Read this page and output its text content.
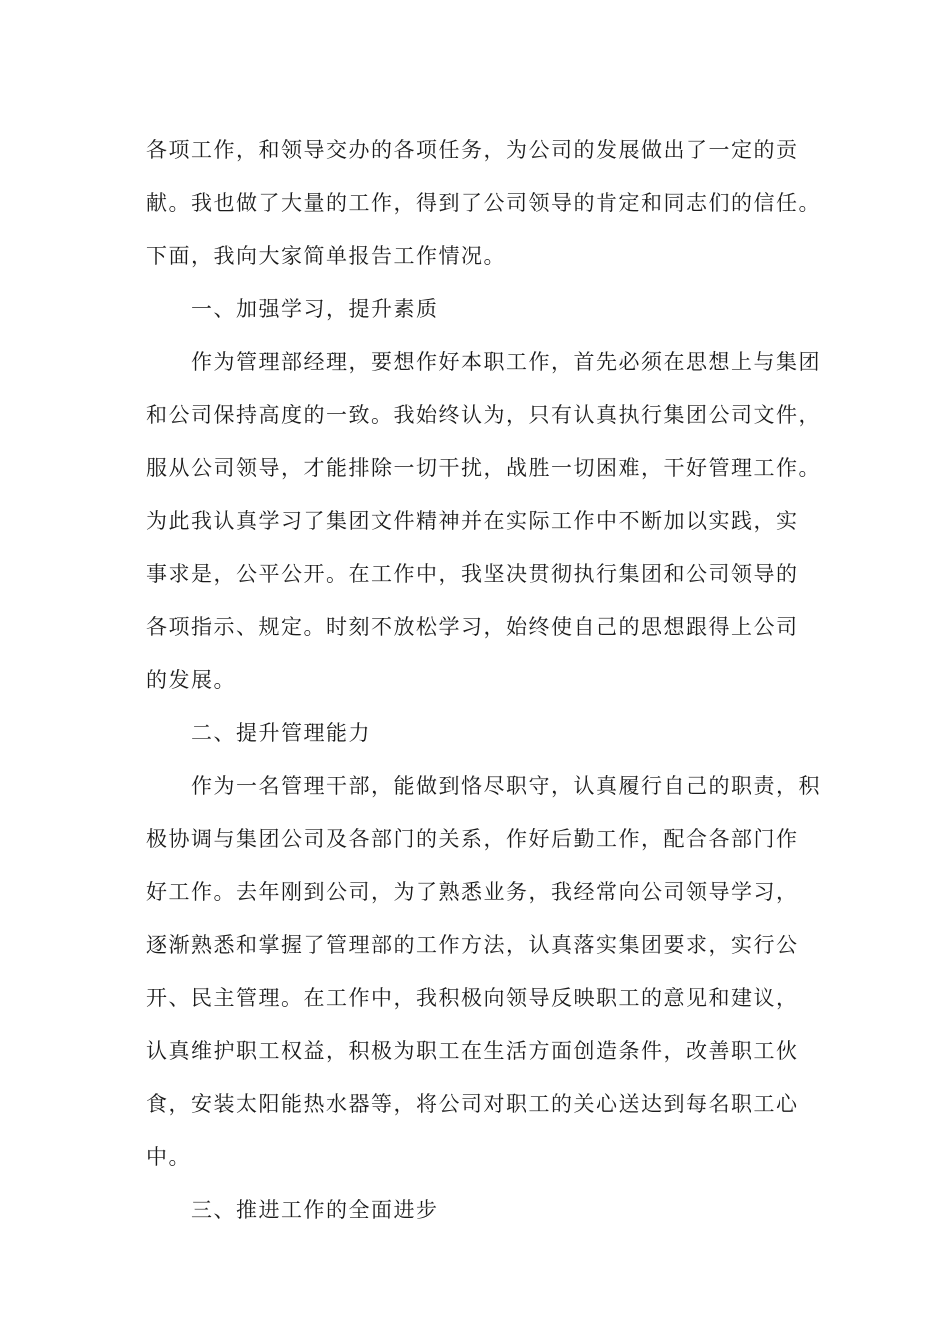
各项工作，和领导交办的各项任务，为公司的发展做出了一定的贡
献。我也做了大量的工作，得到了公司领导的肯定和同志们的信任。
下面，我向大家简单报告工作情况。
　　一、加强学习，提升素质
　　作为管理部经理，要想作好本职工作，首先必须在思想上与集团
和公司保持高度的一致。我始终认为，只有认真执行集团公司文件，
服从公司领导，才能排除一切干扰，战胜一切困难，干好管理工作。
为此我认真学习了集团文件精神并在实际工作中不断加以实践，实
事求是，公平公开。在工作中，我坚决贯彻执行集团和公司领导的
各项指示、规定。时刻不放松学习，始终使自己的思想跟得上公司
的发展。
　　二、提升管理能力
　　作为一名管理干部，能做到恪尽职守，认真履行自己的职责，积
极协调与集团公司及各部门的关系，作好后勤工作，配合各部门作
好工作。去年刚到公司，为了熟悉业务，我经常向公司领导学习，
逐渐熟悉和掌握了管理部的工作方法，认真落实集团要求，实行公
开、民主管理。在工作中，我积极向领导反映职工的意见和建议，
认真维护职工权益，积极为职工在生活方面创造条件，改善职工伙
食，安装太阳能热水器等，将公司对职工的关心送达到每名职工心
中。
　　三、推进工作的全面进步
